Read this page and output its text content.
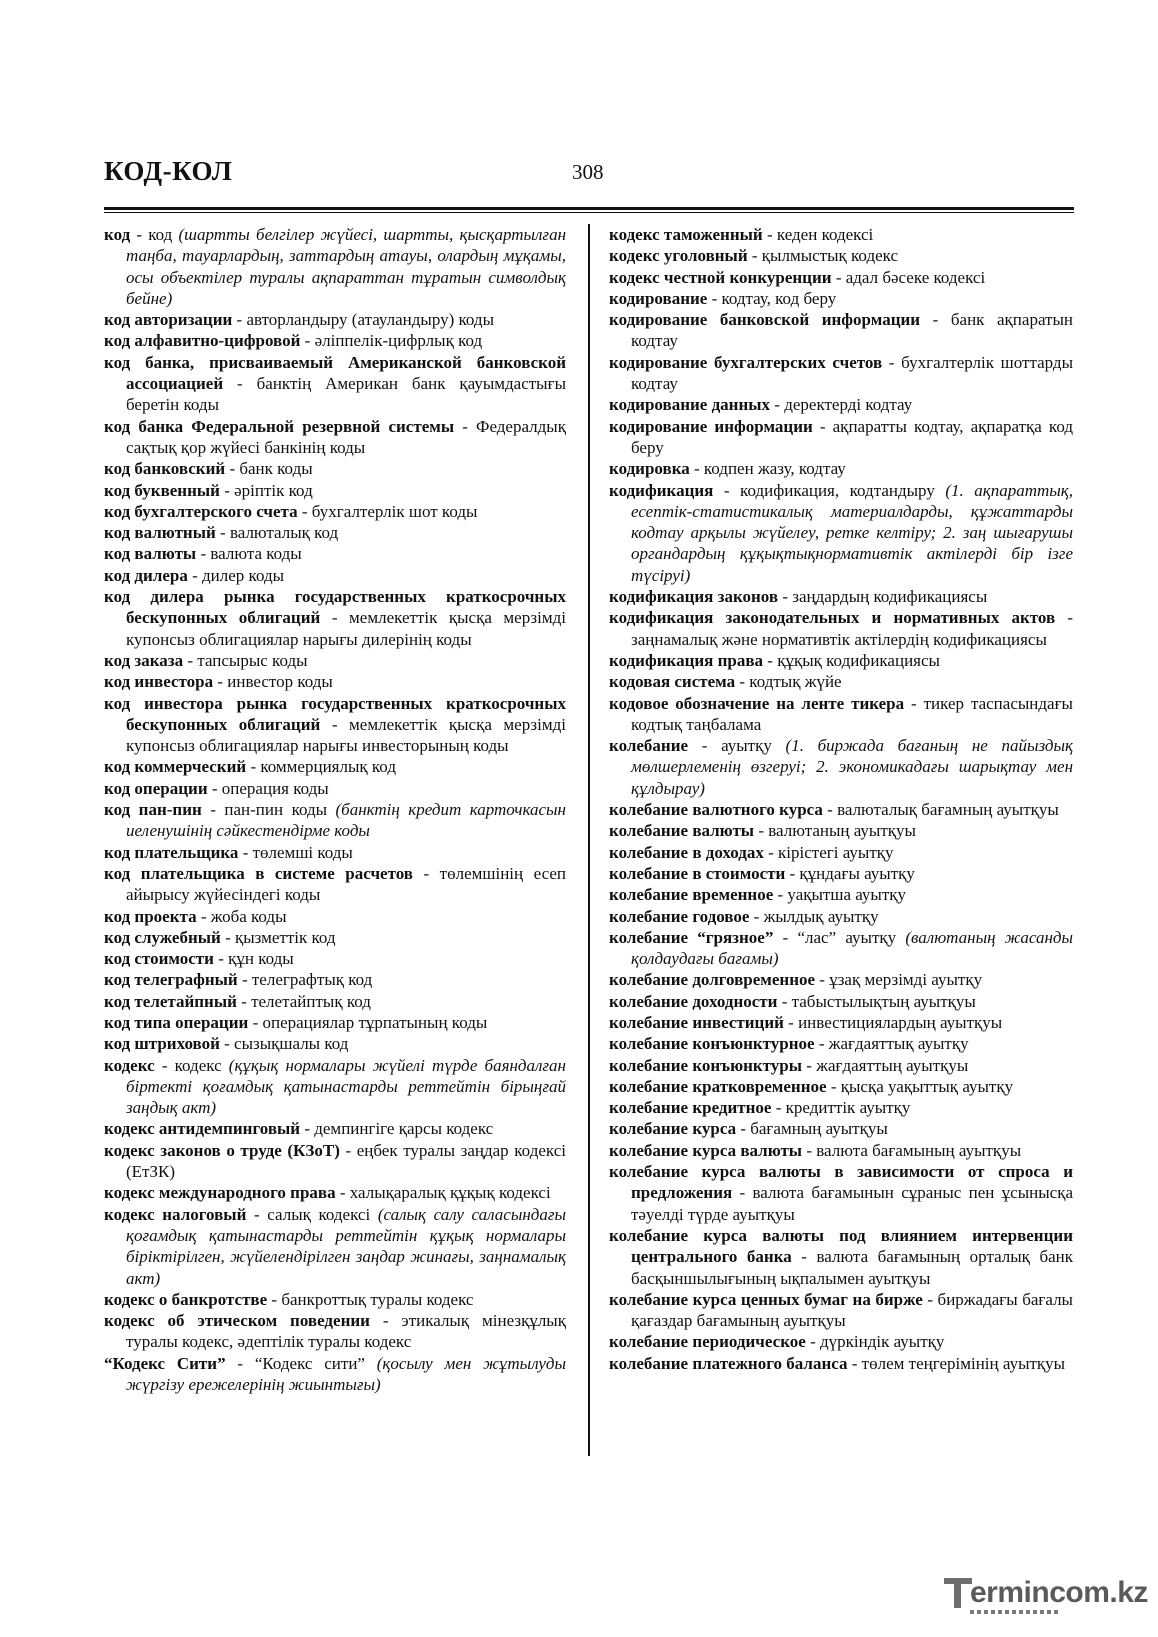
КОД-КОЛ	308

код - код (шартты белгілер жүйесі, шартты, қысқартылған таңба, тауарлардың, заттардың атауы, олардың мұқамы, осы объектілер туралы ақпараттан тұратын символдық бейне)

код авторизации - авторландыру (атауландыру) коды

код алфавитно-цифровой - әліппелік-цифрлық код

код банка, присваиваемый Американской банковской ассоциацией - банктің Американ банк қауымдастығы беретін коды

код банка Федеральной резервной системы - Федералдық сақтық қор жүйесі банкінің коды

код банковский - банк коды

код буквенный - әріптік код

код бухгалтерского счета - бухгалтерлік шот коды

код валютный - валюталық код

код валюты - валюта коды

код дилера - дилер коды

код дилера рынка государственных краткосрочных бескупонных облигаций - мемлекеттік қысқа мерзімді купонсыз облигациялар нарығы дилерінің коды

код заказа - тапсырыс коды

код инвестора - инвестор коды

код инвестора рынка государственных краткосрочных бескупонных облигаций - мемлекеттік қысқа мерзімді купонсыз облигациялар нарығы инвесторының коды

код коммерческий - коммерциялық код

код операции - операция коды

код пан-пин - пан-пин коды (банктің кредит карточкасын иеленушінің сәйкестендірме коды

код плательщика - төлемші коды

код плательщика в системе расчетов - төлемшінің есеп айырысу жүйесіндегі коды

код проекта - жоба коды

код служебный - қызметтік код

код стоимости - құн коды

код телеграфный - телеграфтық код

код телетайпный - телетайптық код

код типа операции - операциялар тұрпатының коды

код штриховой - сызықшалы код

кодекс - кодекс (құқық нормалары жүйелі түрде баяндалған біртекті қоғамдық қатынастарды реттейтін бірыңғай заңдық акт)

кодекс антидемпинговый - демпингіге қарсы кодекс

кодекс законов о труде (КЗоТ) - еңбек туралы заңдар кодексі (ЕтЗК)

кодекс международного права - халықаралық құқық кодексі

кодекс налоговый - салық кодексі (салық салу саласындағы қоғамдық қатынастарды реттейтін құқық нормалары біріктірілген, жүйелендірілген заңдар жинағы, заңнамалық акт)

кодекс о банкротстве - банкроттық туралы кодекс

кодекс об этическом поведении - этикалық мінезқұлық туралы кодекс, әдептілік туралы кодекс

“Кодекс Сити” - “Кодекс сити” (қосылу мен жұтылуды жүргізу ережелерінің жиынтығы)

кодекс таможенный - кеден кодексі

кодекс уголовный - қылмыстық кодекс

кодекс честной конкуренции - адал бәсеке кодексі

кодирование - кодтау, код беру

кодирование банковской информации - банк ақпаратын кодтау

кодирование бухгалтерских счетов - бухгалтерлік шоттарды кодтау

кодирование данных - деректерді кодтау

кодирование информации - ақпаратты кодтау, ақпаратқа код беру

кодировка - кодпен жазу, кодтау

кодификация - кодификация, кодтандыру (1. ақпараттық, есептік-статистикалық материалдарды, құжаттарды кодтау арқылы жүйелеу, ретке келтіру; 2. заң шығарушы органдардың құқықтықнормативтік актілерді бір ізге түсіруі)

кодификация законов - заңдардың кодификациясы

кодификация законодательных и нормативных актов - заңнамалық және нормативтік актілердің кодификациясы

кодификация права - құқық кодификациясы

кодовая система - кодтық жүйе

кодовое обозначение на ленте тикера - тикер таспасындағы кодтық таңбалама

колебание - ауытқу (1. биржада бағаның не пайыздық мөлшерлеменің өзгеруі; 2. экономикадағы шарықтау мен құлдырау)

колебание валютного курса - валюталық бағамның ауытқуы

колебание валюты - валютаның ауытқуы

колебание в доходах - кірістегі ауытқу

колебание в стоимости - құндағы ауытқу

колебание временное - уақытша ауытқу

колебание годовое - жылдық ауытқу

колебание “грязное” - “лас” ауытқу (валютаның жасанды қолдаудағы бағамы)

колебание долговременное - ұзақ мерзімді ауытқу

колебание доходности - табыстылықтың ауытқуы

колебание инвестиций - инвестициялардың ауытқуы

колебание конъюнктурное - жағдаяттық ауытқу

колебание конъюнктуры - жағдаяттың ауытқуы

колебание кратковременное - қысқа уақыттық ауытқу

колебание кредитное - кредиттік ауытқу

колебание курса - бағамның ауытқуы

колебание курса валюты - валюта бағамының ауытқуы

колебание курса валюты в зависимости от спроса и предложения - валюта бағамынын сұраныс пен ұсынысқа тәуелді түрде ауытқуы

колебание курса валюты под влиянием интервенции центрального банка - валюта бағамының орталық банк басқыншылығының ықпалымен ауытқуы

колебание курса ценных бумаг на бирже - биржадағы бағалы қағаздар бағамының ауытқуы

колебание периодическое - дүркіндік ауытқу

колебание платежного баланса - төлем теңгерімінің ауытқуы

ermincom.kz
